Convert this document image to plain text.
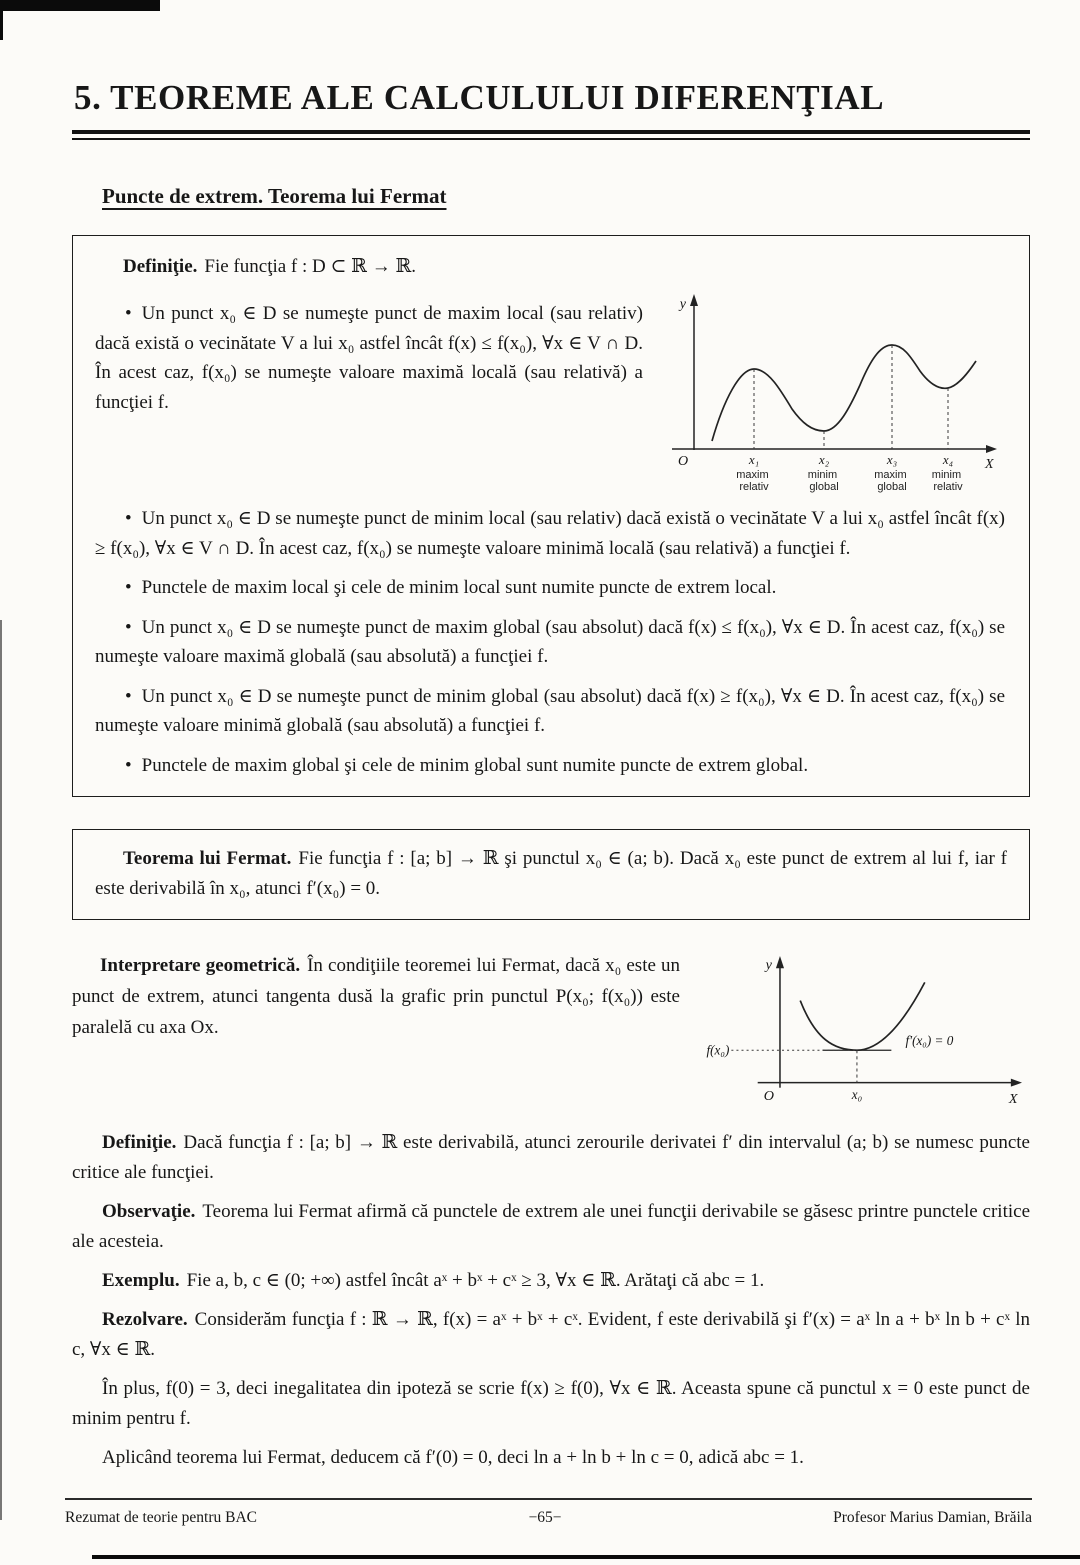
5. TEOREME ALE CALCULULUI DIFERENŢIAL
Puncte de extrem. Teorema lui Fermat

Definiţie. Fie funcţia f : D ⊂ ℝ → ℝ.

• Un punct x₀ ∈ D se numeşte punct de maxim local (sau relativ) dacă există o vecinătate V a lui x₀ astfel încât f(x) ≤ f(x₀), ∀x ∈ V ∩ D. În acest caz, f(x₀) se numeşte valoare maximă locală (sau relativă) a funcţiei f.

y
X
O	x₁	x₂	x₃	x₄
maxim relativ
minim global
maxim global
minim relativ

• Un punct x₀ ∈ D se numeşte punct de minim local (sau relativ) dacă există o vecinătate V a lui x₀ astfel încât f(x) ≥ f(x₀), ∀x ∈ V ∩ D. În acest caz, f(x₀) se numeşte valoare minimă locală (sau relativă) a funcţiei f.

• Punctele de maxim local şi cele de minim local sunt numite puncte de extrem local.

• Un punct x₀ ∈ D se numeşte punct de maxim global (sau absolut) dacă f(x) ≤ f(x₀), ∀x ∈ D. În acest caz, f(x₀) se numeşte valoare maximă globală (sau absolută) a funcţiei f.

• Un punct x₀ ∈ D se numeşte punct de minim global (sau absolut) dacă f(x) ≥ f(x₀), ∀x ∈ D. În acest caz, f(x₀) se numeşte valoare minimă globală (sau absolută) a funcţiei f.

• Punctele de maxim global şi cele de minim global sunt numite puncte de extrem global.

Teorema lui Fermat. Fie funcţia f : [a; b] → ℝ şi punctul x₀ ∈ (a; b). Dacă x₀ este punct de extrem al lui f, iar f este derivabilă în x₀, atunci f′(x₀) = 0.

Interpretare geometrică. În condiţiile teoremei lui Fermat, dacă x₀ este un punct de extrem, atunci tangenta dusă la grafic prin punctul P(x₀; f(x₀)) este paralelă cu axa Ox.

y
X
O
f(x₀)
f′(x₀) = 0
x₀

Definiţie. Dacă funcţia f : [a; b] → ℝ este derivabilă, atunci zerourile derivatei f′ din intervalul (a; b) se numesc puncte critice ale funcţiei.

Observaţie. Teorema lui Fermat afirmă că punctele de extrem ale unei funcţii derivabile se găsesc printre punctele critice ale acesteia.

Exemplu. Fie a, b, c ∈ (0; +∞) astfel încât aˣ + bˣ + cˣ ≥ 3, ∀x ∈ ℝ. Arătaţi că abc = 1.

Rezolvare. Considerăm funcţia f : ℝ → ℝ, f(x) = aˣ + bˣ + cˣ. Evident, f este derivabilă şi f′(x) = aˣ ln a + bˣ ln b + cˣ ln c, ∀x ∈ ℝ.

În plus, f(0) = 3, deci inegalitatea din ipoteză se scrie f(x) ≥ f(0), ∀x ∈ ℝ. Aceasta spune că punctul x = 0 este punct de minim pentru f.

Aplicând teorema lui Fermat, deducem că f′(0) = 0, deci ln a + ln b + ln c = 0, adică abc = 1.

Rezumat de teorie pentru BAC	−65−	Profesor Marius Damian, Brăila
